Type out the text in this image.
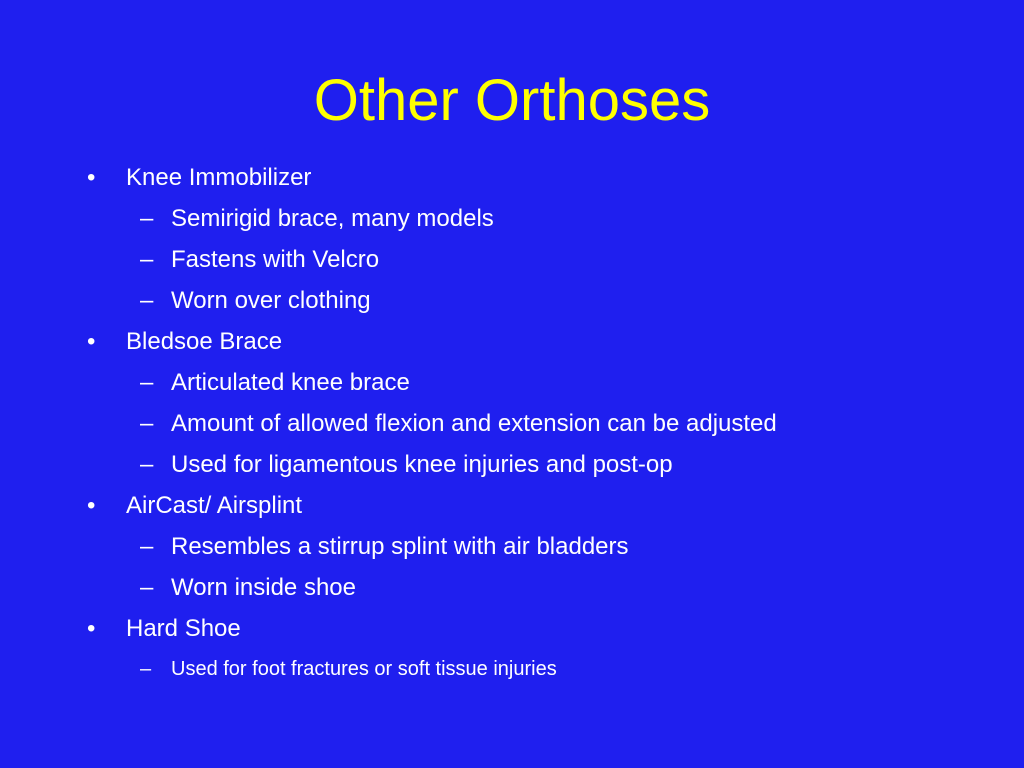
Other Orthoses
• Knee Immobilizer
– Semirigid brace, many models
– Fastens with Velcro
– Worn over clothing
• Bledsoe Brace
– Articulated knee brace
– Amount of allowed flexion and extension can be adjusted
– Used for ligamentous knee injuries and post-op
• AirCast/ Airsplint
– Resembles a stirrup splint with air bladders
– Worn inside shoe
• Hard Shoe
– Used for foot fractures or soft tissue injuries
